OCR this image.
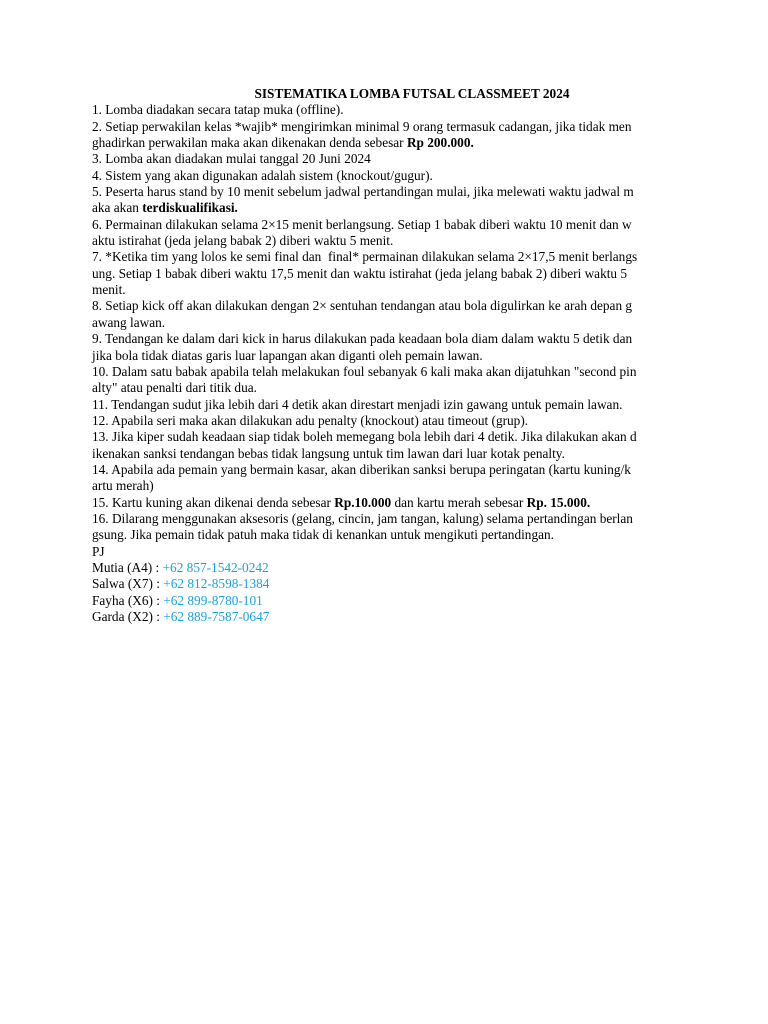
SISTEMATIKA LOMBA FUTSAL CLASSMEET 2024
1. Lomba diadakan secara tatap muka (offline).
2. Setiap perwakilan kelas *wajib* mengirimkan minimal 9 orang termasuk cadangan, jika tidak men
ghadirkan perwakilan maka akan dikenakan denda sebesar Rp 200.000.
3. Lomba akan diadakan mulai tanggal 20 Juni 2024
4. Sistem yang akan digunakan adalah sistem (knockout/gugur).
5. Peserta harus stand by 10 menit sebelum jadwal pertandingan mulai, jika melewati waktu jadwal m
aka akan terdiskualifikasi.
6. Permainan dilakukan selama 2×15 menit berlangsung. Setiap 1 babak diberi waktu 10 menit dan w
aktu istirahat (jeda jelang babak 2) diberi waktu 5 menit.
7. *Ketika tim yang lolos ke semi final dan  final* permainan dilakukan selama 2×17,5 menit berlangs
ung. Setiap 1 babak diberi waktu 17,5 menit dan waktu istirahat (jeda jelang babak 2) diberi waktu 5
menit.
8. Setiap kick off akan dilakukan dengan 2× sentuhan tendangan atau bola digulirkan ke arah depan g
awang lawan.
9. Tendangan ke dalam dari kick in harus dilakukan pada keadaan bola diam dalam waktu 5 detik dan
jika bola tidak diatas garis luar lapangan akan diganti oleh pemain lawan.
10. Dalam satu babak apabila telah melakukan foul sebanyak 6 kali maka akan dijatuhkan "second pin
alty" atau penalti dari titik dua.
11. Tendangan sudut jika lebih dari 4 detik akan direstart menjadi izin gawang untuk pemain lawan.
12. Apabila seri maka akan dilakukan adu penalty (knockout) atau timeout (grup).
13. Jika kiper sudah keadaan siap tidak boleh memegang bola lebih dari 4 detik. Jika dilakukan akan d
ikenakan sanksi tendangan bebas tidak langsung untuk tim lawan dari luar kotak penalty.
14. Apabila ada pemain yang bermain kasar, akan diberikan sanksi berupa peringatan (kartu kuning/k
artu merah)
15. Kartu kuning akan dikenai denda sebesar Rp.10.000 dan kartu merah sebesar Rp. 15.000.
16. Dilarang menggunakan aksesoris (gelang, cincin, jam tangan, kalung) selama pertandingan berlan
gsung. Jika pemain tidak patuh maka tidak di kenankan untuk mengikuti pertandingan.
PJ
Mutia (A4) : +62 857-1542-0242
Salwa (X7) : +62 812-8598-1384
Fayha (X6) : +62 899-8780-101
Garda (X2) : +62 889-7587-0647
